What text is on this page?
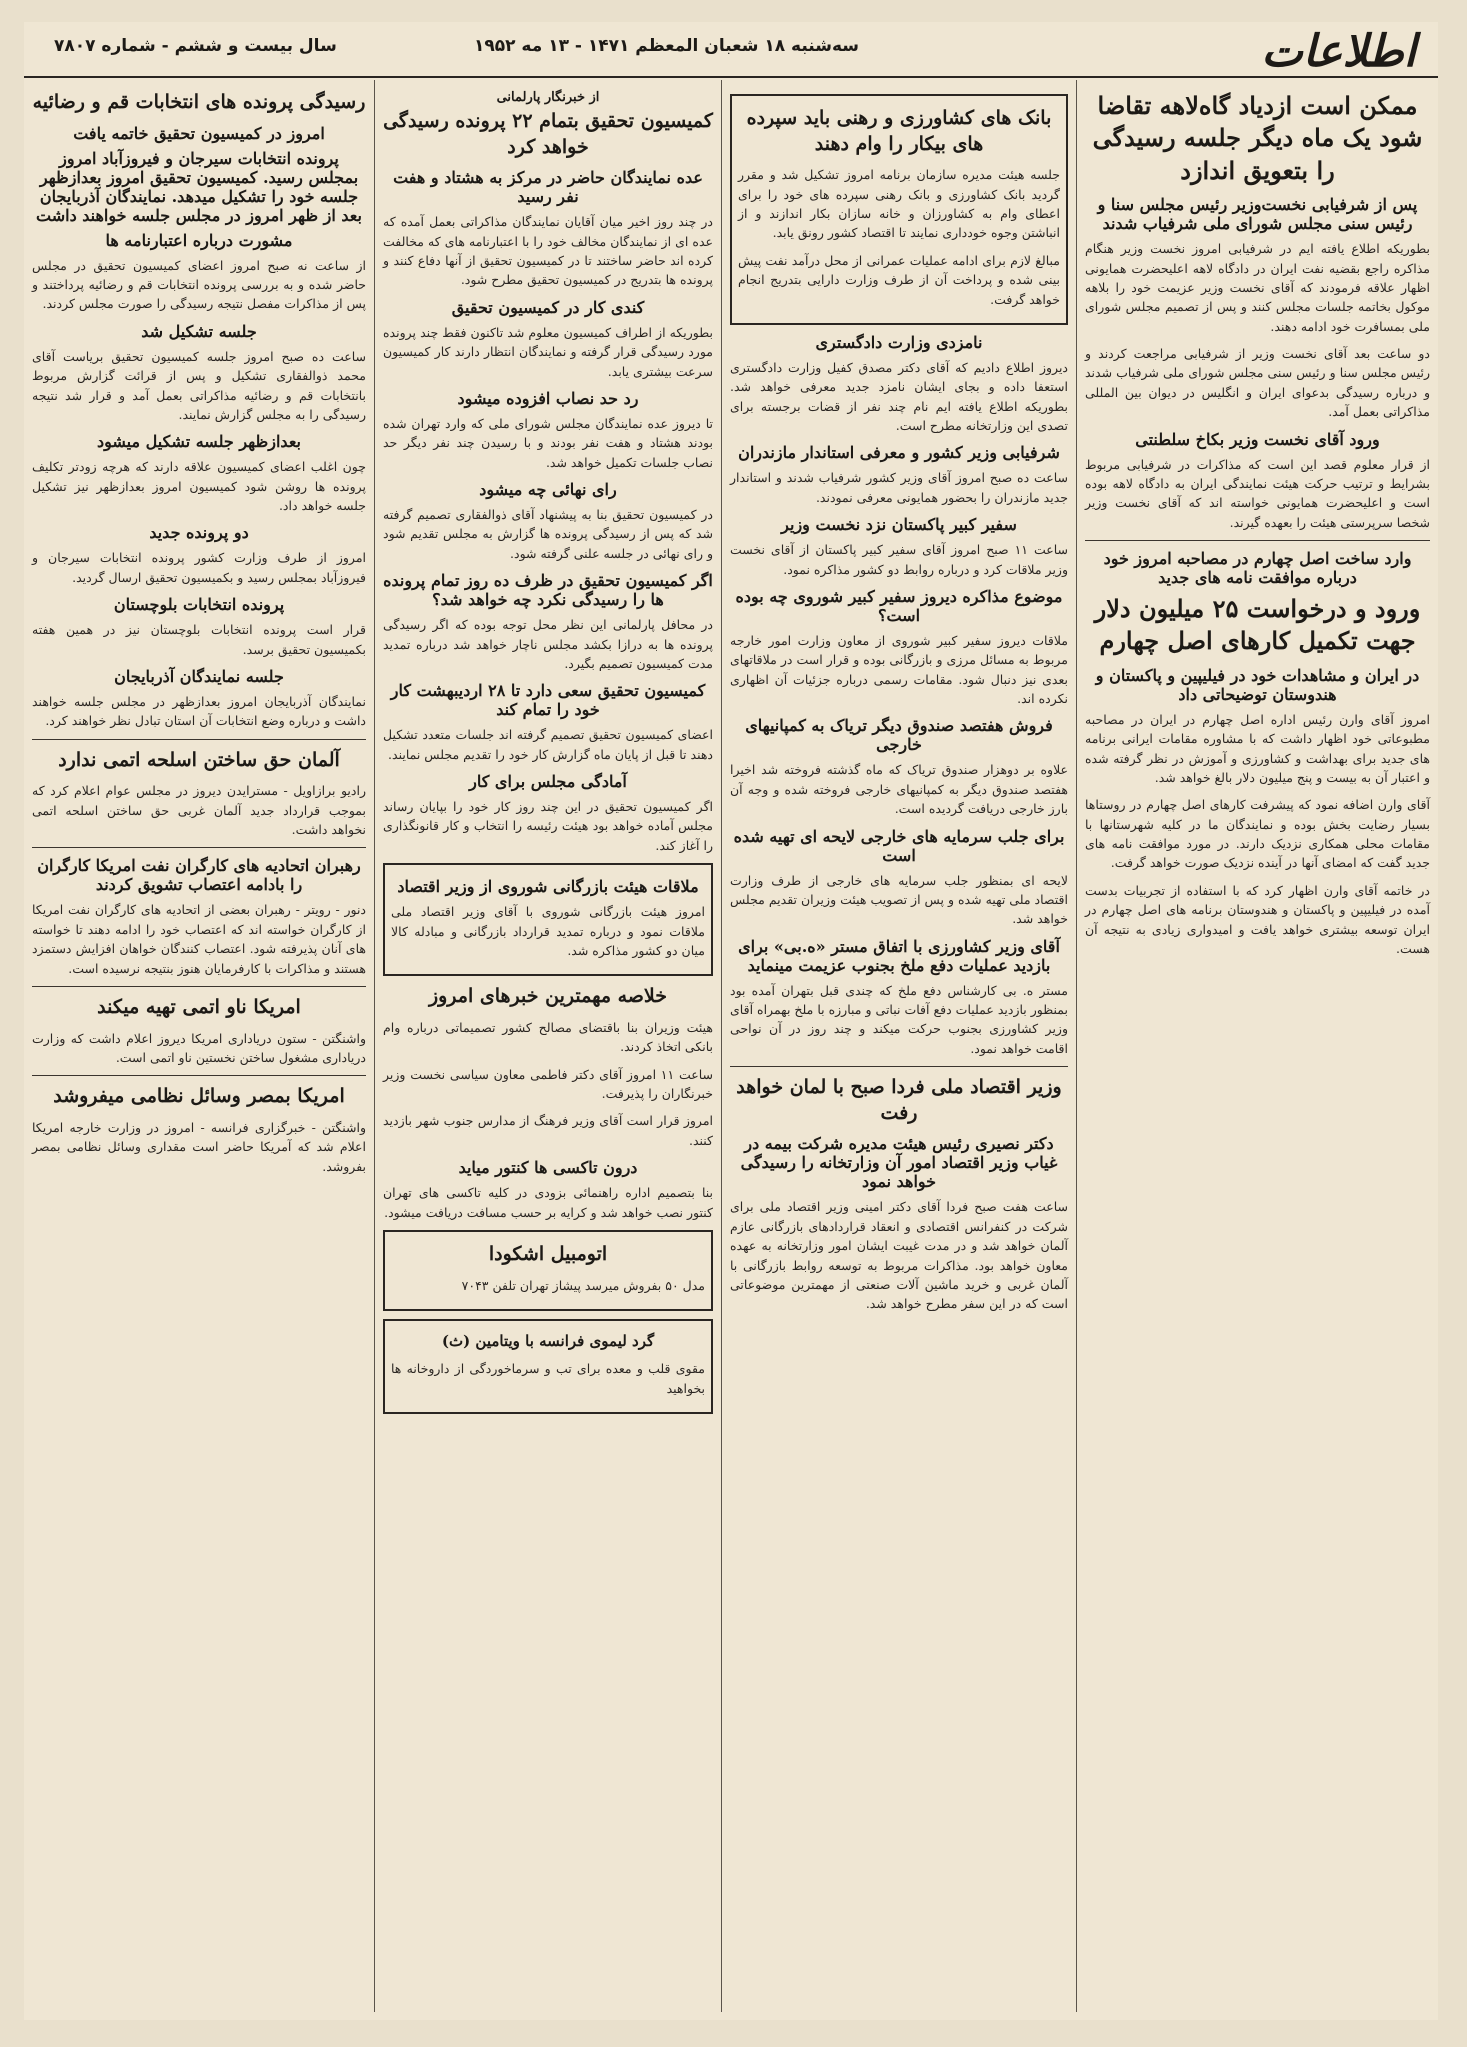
اطلاعات
سه‌شنبه ۱۸ شعبان المعظم ۱۴۷۱ - ۱۳ مه ۱۹۵۲
سال بیست و ششم - شماره ۷۸۰۷
ممکن است ازدیاد گاه‌لاهه تقاضا شود یک ماه دیگر جلسه رسیدگی را بتعویق اندازد
پس از شرفیابی نخست‌وزیر رئیس مجلس سنا و رئیس سنی مجلس شورای ملی شرفیاب شدند

بطوریکه اطلاع یافته ایم در شرفیابی امروز نخست وزیر هنگام مذاکره راجع بقضیه نفت ایران در دادگاه لاهه اعلیحضرت همایونی اظهار علاقه فرمودند که آقای نخست وزیر عزیمت خود را بلاهه موکول بخاتمه جلسات مجلس کنند و پس از تصمیم مجلس شورای ملی بمسافرت خود ادامه دهند.

دو ساعت بعد آقای نخست وزیر از شرفیابی مراجعت کردند و رئیس مجلس سنا و رئیس سنی مجلس شورای ملی شرفیاب شدند و درباره رسیدگی بدعوای ایران و انگلیس در دیوان بین المللی مذاکراتی بعمل آمد.

ورود آقای نخست وزیر بکاخ سلطنتی

از قرار معلوم قصد این است که مذاکرات در شرفیابی مربوط بشرایط و ترتیب حرکت هیئت نمایندگی ایران به دادگاه لاهه بوده است و اعلیحضرت همایونی خواسته اند که آقای نخست وزیر شخصا سرپرستی هیئت را بعهده گیرند.

وارد ساخت اصل چهارم در مصاحبه امروز خود درباره موافقت نامه های جدید
ورود و درخواست ۲۵ میلیون دلار جهت تکمیل کارهای اصل چهارم
در ایران و مشاهدات خود در فیلیپین و پاکستان و هندوستان توضیحاتی داد

امروز آقای وارن رئیس اداره اصل چهارم در ایران در مصاحبه مطبوعاتی خود اظهار داشت که با مشاوره مقامات ایرانی برنامه های جدید برای بهداشت و کشاورزی و آموزش در نظر گرفته شده و اعتبار آن به بیست و پنج میلیون دلار بالغ خواهد شد.

آقای وارن اضافه نمود که پیشرفت کارهای اصل چهارم در روستاها بسیار رضایت بخش بوده و نمایندگان ما در کلیه شهرستانها با مقامات محلی همکاری نزدیک دارند. در مورد موافقت نامه های جدید گفت که امضای آنها در آینده نزدیک صورت خواهد گرفت.

در خاتمه آقای وارن اظهار کرد که با استفاده از تجربیات بدست آمده در فیلیپین و پاکستان و هندوستان برنامه های اصل چهارم در ایران توسعه بیشتری خواهد یافت و امیدواری زیادی به نتیجه آن هست.

بانک های کشاورزی و رهنی باید سپرده های بیکار را وام دهند

جلسه هیئت مدیره سازمان برنامه امروز تشکیل شد و مقرر گردید بانک کشاورزی و بانک رهنی سپرده های خود را برای اعطای وام به کشاورزان و خانه سازان بکار اندازند و از انباشتن وجوه خودداری نمایند تا اقتصاد کشور رونق یابد.

مبالغ لازم برای ادامه عملیات عمرانی از محل درآمد نفت پیش بینی شده و پرداخت آن از طرف وزارت دارایی بتدریج انجام خواهد گرفت.

نامزدی وزارت دادگستری

دیروز اطلاع دادیم که آقای دکتر مصدق کفیل وزارت دادگستری استعفا داده و بجای ایشان نامزد جدید معرفی خواهد شد. بطوریکه اطلاع یافته ایم نام چند نفر از قضات برجسته برای تصدی این وزارتخانه مطرح است.

شرفیابی وزیر کشور و معرفی استاندار مازندران

ساعت ده صبح امروز آقای وزیر کشور شرفیاب شدند و استاندار جدید مازندران را بحضور همایونی معرفی نمودند.

سفیر کبیر پاکستان نزد نخست وزیر

ساعت ۱۱ صبح امروز آقای سفیر کبیر پاکستان از آقای نخست وزیر ملاقات کرد و درباره روابط دو کشور مذاکره نمود.

موضوع مذاکره دیروز سفیر کبیر شوروی چه بوده است؟

ملاقات دیروز سفیر کبیر شوروی از معاون وزارت امور خارجه مربوط به مسائل مرزی و بازرگانی بوده و قرار است در ملاقاتهای بعدی نیز دنبال شود. مقامات رسمی درباره جزئیات آن اظهاری نکرده اند.

فروش هفتصد صندوق دیگر تریاک به کمپانیهای خارجی

علاوه بر دوهزار صندوق تریاک که ماه گذشته فروخته شد اخیرا هفتصد صندوق دیگر به کمپانیهای خارجی فروخته شده و وجه آن بارز خارجی دریافت گردیده است.

برای جلب سرمایه های خارجی لایحه ای تهیه شده است

لایحه ای بمنظور جلب سرمایه های خارجی از طرف وزارت اقتصاد ملی تهیه شده و پس از تصویب هیئت وزیران تقدیم مجلس خواهد شد.

آقای وزیر کشاورزی با اتفاق مستر «ه.بی» برای بازدید عملیات دفع ملخ بجنوب عزیمت مینماید

مستر ه. بی کارشناس دفع ملخ که چندی قبل بتهران آمده بود بمنظور بازدید عملیات دفع آفات نباتی و مبارزه با ملخ بهمراه آقای وزیر کشاورزی بجنوب حرکت میکند و چند روز در آن نواحی اقامت خواهد نمود.

وزیر اقتصاد ملی فردا صبح با لمان خواهد رفت
دکتر نصیری رئیس هیئت مدیره شرکت بیمه در غیاب وزیر اقتصاد امور آن وزارتخانه را رسیدگی خواهد نمود

ساعت هفت صبح فردا آقای دکتر امینی وزیر اقتصاد ملی برای شرکت در کنفرانس اقتصادی و انعقاد قراردادهای بازرگانی عازم آلمان خواهد شد و در مدت غیبت ایشان امور وزارتخانه به عهده معاون خواهد بود. مذاکرات مربوط به توسعه روابط بازرگانی با آلمان غربی و خرید ماشین آلات صنعتی از مهمترین موضوعاتی است که در این سفر مطرح خواهد شد.

از خبرنگار پارلمانی
کمیسیون تحقیق بتمام ۲۲ پرونده رسیدگی خواهد کرد
عده نمایندگان حاضر در مرکز به هشتاد و هفت نفر رسید

در چند روز اخیر میان آقایان نمایندگان مذاکراتی بعمل آمده که عده ای از نمایندگان مخالف خود را با اعتبارنامه های که مخالفت کرده اند حاضر ساختند تا در کمیسیون تحقیق از آنها دفاع کنند و پرونده ها بتدریج در کمیسیون تحقیق مطرح شود.

کندی کار در کمیسیون تحقیق

بطوریکه از اطراف کمیسیون معلوم شد تاکنون فقط چند پرونده مورد رسیدگی قرار گرفته و نمایندگان انتظار دارند کار کمیسیون سرعت بیشتری یابد.

رد حد نصاب افزوده میشود

تا دیروز عده نمایندگان مجلس شورای ملی که وارد تهران شده بودند هشتاد و هفت نفر بودند و با رسیدن چند نفر دیگر حد نصاب جلسات تکمیل خواهد شد.

رای نهائی چه میشود

در کمیسیون تحقیق بنا به پیشنهاد آقای ذوالفقاری تصمیم گرفته شد که پس از رسیدگی پرونده ها گزارش به مجلس تقدیم شود و رای نهائی در جلسه علنی گرفته شود.

اگر کمیسیون تحقیق در ظرف ده روز تمام پرونده ها را رسیدگی نکرد چه خواهد شد؟

در محافل پارلمانی این نظر محل توجه بوده که اگر رسیدگی پرونده ها به درازا بکشد مجلس ناچار خواهد شد درباره تمدید مدت کمیسیون تصمیم بگیرد.

کمیسیون تحقیق سعی دارد تا ۲۸ اردیبهشت کار خود را تمام کند

اعضای کمیسیون تحقیق تصمیم گرفته اند جلسات متعدد تشکیل دهند تا قبل از پایان ماه گزارش کار خود را تقدیم مجلس نمایند.

آمادگی مجلس برای کار

اگر کمیسیون تحقیق در این چند روز کار خود را بپایان رساند مجلس آماده خواهد بود هیئت رئیسه را انتخاب و کار قانونگذاری را آغاز کند.

ملاقات هیئت بازرگانی شوروی از وزیر اقتصاد

امروز هیئت بازرگانی شوروی با آقای وزیر اقتصاد ملی ملاقات نمود و درباره تمدید قرارداد بازرگانی و مبادله کالا میان دو کشور مذاکره شد.

خلاصه مهمترین خبرهای امروز

هیئت وزیران بنا باقتضای مصالح کشور تصمیماتی درباره وام بانکی اتخاذ کردند.

ساعت ۱۱ امروز آقای دکتر فاطمی معاون سیاسی نخست وزیر خبرنگاران را پذیرفت.

امروز قرار است آقای وزیر فرهنگ از مدارس جنوب شهر بازدید کنند.

درون تاکسی ها کنتور میاید

بنا بتصمیم اداره راهنمائی بزودی در کلیه تاکسی های تهران کنتور نصب خواهد شد و کرایه بر حسب مسافت دریافت میشود.

اتومبیل اشکودا

مدل ۵۰ بفروش میرسد پیشاز تهران تلفن ۷۰۴۳

گرد لیموی فرانسه با ویتامین (ث)

مقوی قلب و معده برای تب و سرماخوردگی از داروخانه ها بخواهید

رسیدگی پرونده های انتخابات قم و رضائیه
امروز در کمیسیون تحقیق خاتمه یافت
پرونده انتخابات سیرجان و فیروزآباد امروز بمجلس رسید. کمیسیون تحقیق امروز بعدازظهر جلسه خود را تشکیل میدهد. نمایندگان آذربایجان بعد از ظهر امروز در مجلس جلسه خواهند داشت
مشورت درباره اعتبارنامه ها

از ساعت نه صبح امروز اعضای کمیسیون تحقیق در مجلس حاضر شده و به بررسی پرونده انتخابات قم و رضائیه پرداختند و پس از مذاکرات مفصل نتیجه رسیدگی را صورت مجلس کردند.

جلسه تشکیل شد

ساعت ده صبح امروز جلسه کمیسیون تحقیق بریاست آقای محمد ذوالفقاری تشکیل و پس از قرائت گزارش مربوط بانتخابات قم و رضائیه مذاکراتی بعمل آمد و قرار شد نتیجه رسیدگی را به مجلس گزارش نمایند.

بعدازظهر جلسه تشکیل میشود

چون اغلب اعضای کمیسیون علاقه دارند که هرچه زودتر تکلیف پرونده ها روشن شود کمیسیون امروز بعدازظهر نیز تشکیل جلسه خواهد داد.

دو پرونده جدید

امروز از طرف وزارت کشور پرونده انتخابات سیرجان و فیروزآباد بمجلس رسید و بکمیسیون تحقیق ارسال گردید.

پرونده انتخابات بلوچستان

قرار است پرونده انتخابات بلوچستان نیز در همین هفته بکمیسیون تحقیق برسد.

جلسه نمایندگان آذربایجان

نمایندگان آذربایجان امروز بعدازظهر در مجلس جلسه خواهند داشت و درباره وضع انتخابات آن استان تبادل نظر خواهند کرد.

آلمان حق ساختن اسلحه اتمی ندارد

رادیو برازاویل - مسترایدن دیروز در مجلس عوام اعلام کرد که بموجب قرارداد جدید آلمان غربی حق ساختن اسلحه اتمی نخواهد داشت.

رهبران اتحادیه های کارگران نفت امریکا کارگران را بادامه اعتصاب تشویق کردند

دنور - رویتر - رهبران بعضی از اتحادیه های کارگران نفت امریکا از کارگران خواسته اند که اعتصاب خود را ادامه دهند تا خواسته های آنان پذیرفته شود. اعتصاب کنندگان خواهان افزایش دستمزد هستند و مذاکرات با کارفرمایان هنوز بنتیجه نرسیده است.

امریکا ناو اتمی تهیه میکند

واشنگتن - ستون دریاداری امریکا دیروز اعلام داشت که وزارت دریاداری مشغول ساختن نخستین ناو اتمی است.

امریکا بمصر وسائل نظامی میفروشد

واشنگتن - خبرگزاری فرانسه - امروز در وزارت خارجه امریکا اعلام شد که آمریکا حاضر است مقداری وسائل نظامی بمصر بفروشد.
